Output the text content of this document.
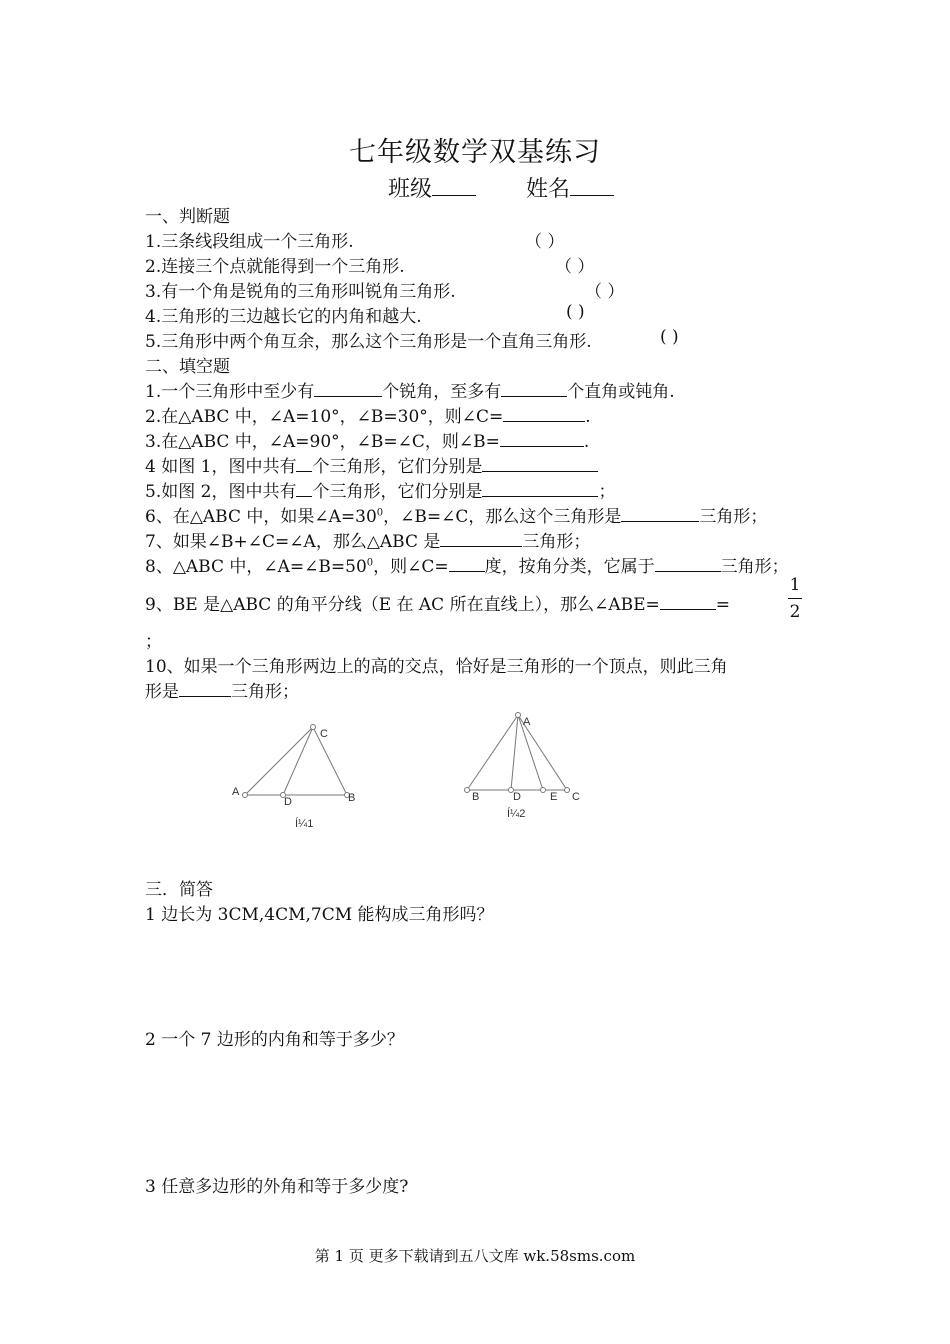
七年级数学双基练习
班级	姓名
一、判断题
1.三条线段组成一个三角形.	（ ）
2.连接三个点就能得到一个三角形.	（ ）
3.有一个角是锐角的三角形叫锐角三角形.	（ ）
4.三角形的三边越长它的内角和越大.	( )
5.三角形中两个角互余，那么这个三角形是一个直角三角形.	( )
二、填空题
1.一个三角形中至少有	个锐角，至多有	个直角或钝角.
2.在△ABC 中，∠A=10°，∠B=30°，则∠C=	.
3.在△ABC 中，∠A=90°，∠B=∠C，则∠B=	.
4 如图 1，图中共有 个三角形，它们分别是
5.如图 2，图中共有 个三角形，它们分别是	；
6、在△ABC 中，如果$\angle A=30^0$，∠B=∠C，那么这个三角形是	三角形；
7、如果∠B+∠C=∠A，那么△ABC 是	三角形；
8、△ABC 中，$\angle A=\angle B=50^0$，则∠C= 度，按角分类，它属于	三角形；
9、BE 是△ABC 的角平分线（E 在 AC 所在直线上），那么∠ABE=	=
1
2
；
10、如果一个三角形两边上的高的交点，恰好是三角形的一个顶点，则此三角
形是	三角形；
A
D	B
C
Í¼1
A
B	D	E C
Í¼2
三．简答
1 边长为 3CM,4CM,7CM 能构成三角形吗？
2 一个 7 边形的内角和等于多少？
3 任意多边形的外角和等于多少度?
第 1 页 更多下载请到五八文库 wk.58sms.com
